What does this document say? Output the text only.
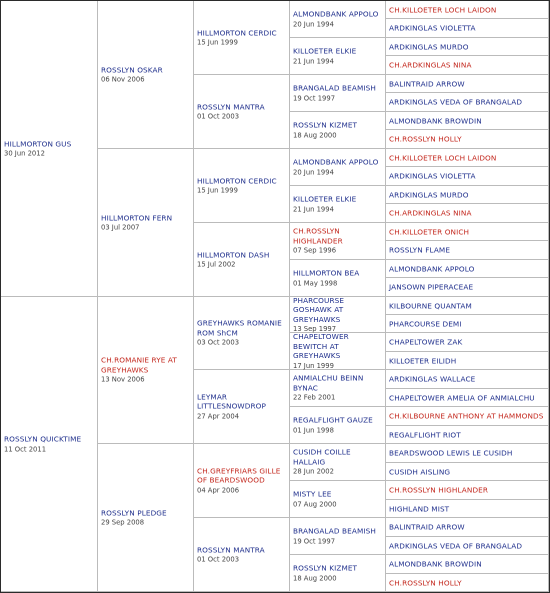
HILLMORTON GUS
30 Jun 2012
ROSSLYN QUICKTIME
11 Oct 2011
ROSSLYN OSKAR
06 Nov 2006
HILLMORTON FERN
03 Jul 2007
CH.ROMANIE RYE AT GREYHAWKS
13 Nov 2006
ROSSLYN PLEDGE
29 Sep 2008
HILLMORTON CERDIC
15 Jun 1999
ROSSLYN MANTRA
01 Oct 2003
HILLMORTON CERDIC
15 Jun 1999
HILLMORTON DASH
15 Jul 2002
GREYHAWKS ROMANIE ROM ShCM
03 Oct 2003
LEYMAR LITTLESNOWDROP
27 Apr 2004
CH.GREYFRIARS GILLE OF BEARDSWOOD
04 Apr 2006
ROSSLYN MANTRA
01 Oct 2003
ALMONDBANK APPOLO
20 Jun 1994
KILLOETER ELKIE
21 Jun 1994
BRANGALAD BEAMISH
19 Oct 1997
ROSSLYN KIZMET
18 Aug 2000
ALMONDBANK APPOLO
20 Jun 1994
KILLOETER ELKIE
21 Jun 1994
CH.ROSSLYN HIGHLANDER
07 Sep 1996
HILLMORTON BEA
01 May 1998
PHARCOURSE GOSHAWK AT GREYHAWKS
13 Sep 1997
CHAPELTOWER BEWITCH AT GREYHAWKS
17 Jun 1999
ANMIALCHU BEINN BYNAC
22 Feb 2001
REGALFLIGHT GAUZE
01 Jun 1998
CUSIDH COILLE HALLAIG
28 Jun 2002
MISTY LEE
07 Aug 2000
BRANGALAD BEAMISH
19 Oct 1997
ROSSLYN KIZMET
18 Aug 2000
CH.KILLOETER LOCH LAIDON
ARDKINGLAS VIOLETTA
ARDKINGLAS MURDO
CH.ARDKINGLAS NINA
BALINTRAID ARROW
ARDKINGLAS VEDA OF BRANGALAD
ALMONDBANK BROWDIN
CH.ROSSLYN HOLLY
CH.KILLOETER LOCH LAIDON
ARDKINGLAS VIOLETTA
ARDKINGLAS MURDO
CH.ARDKINGLAS NINA
CH.KILLOETER ONICH
ROSSLYN FLAME
ALMONDBANK APPOLO
JANSOWN PIPERACEAE
KILBOURNE QUANTAM
PHARCOURSE DEMI
CHAPELTOWER ZAK
KILLOETER EILIDH
ARDKINGLAS WALLACE
CHAPELTOWER AMELIA OF ANMIALCHU
CH.KILBOURNE ANTHONY AT HAMMONDS
REGALFLIGHT RIOT
BEARDSWOOD LEWIS LE CUSIDH
CUSIDH AISLING
CH.ROSSLYN HIGHLANDER
HIGHLAND MIST
BALINTRAID ARROW
ARDKINGLAS VEDA OF BRANGALAD
ALMONDBANK BROWDIN
CH.ROSSLYN HOLLY
